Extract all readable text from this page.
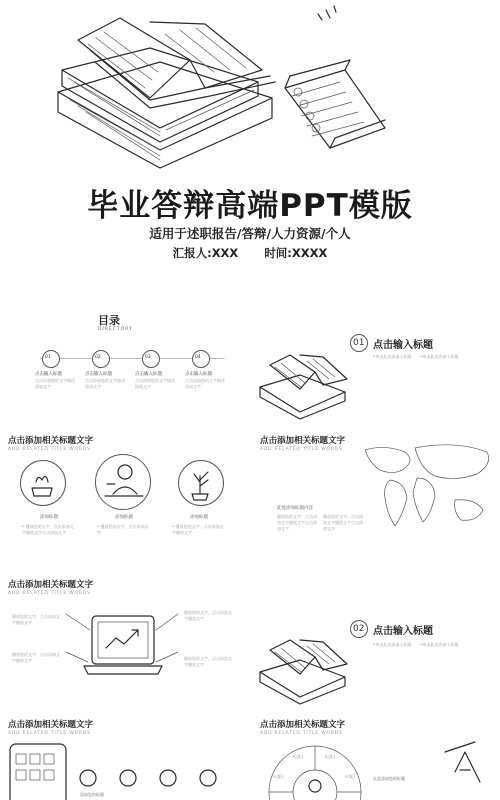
毕业答辩高端PPT模版
适用于述职报告/答辩/人力资源/个人
汇报人:XXX 时间:XXXX
目录
DIRECTORY
01
点击输入标题
点击添加您的文字描述添加文字
02
点击输入标题
点击添加您的文字描述添加文字
03
点击输入标题
点击添加您的文字描述添加文字
04
点击输入标题
点击添加您的文字描述添加文字
01 点击输入标题
•单击此处添加小标题 •单击此处添加小标题
点击添加相关标题文字
ADD RELATED TITLE WORDS
添加标题	添加标题	添加标题
• 播放您的文字，点击添加文字播放文字点击添加文字
• 播放您的文字，点击添加文字
• 播放您的文字，点击添加文字播放文字
点击添加相关标题文字
ADD RELATED TITLE WORDS
此处添加标题内容
播放您的文字，点击添加文字播放文字点击添加文字
播放您的文字，点击添加文字播放文字点击添加文字
点击添加相关标题文字
ADD RELATED TITLE WORDS
播放您的文字，点击添加文字播放文字
播放您的文字，点击添加文字播放文字
播放您的文字，点击添加文字播放文字
播放您的文字，点击添加文字播放文字
02 点击输入标题
•单击此处添加小标题 •单击此处添加小标题
点击添加相关标题文字
ADD RELATED TITLE WORDS
添加您的标题
点击添加相关标题文字
ADD RELATED TITLE WORDS
标题1	标题1
标题1	标题1	在此添加您的标题
